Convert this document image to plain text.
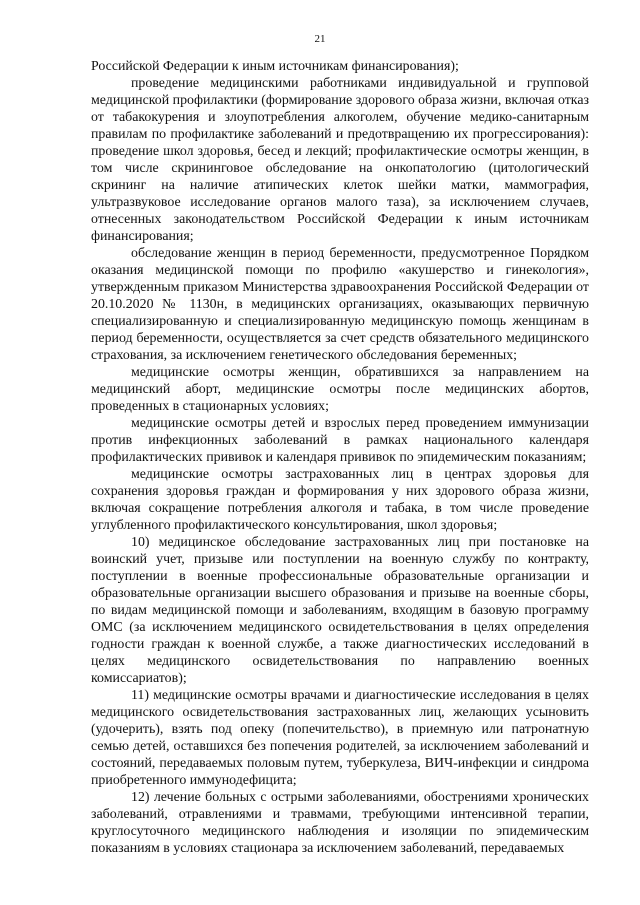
21

Российской Федерации к иным источникам финансирования);

проведение медицинскими работниками индивидуальной и групповой медицинской профилактики (формирование здорового образа жизни, включая отказ от табакокурения и злоупотребления алкоголем, обучение медико-санитарным правилам по профилактике заболеваний и предотвращению их прогрессирования): проведение школ здоровья, бесед и лекций; профилактические осмотры женщин, в том числе скрининговое обследование на онкопатологию (цитологический скрининг на наличие атипических клеток шейки матки, маммография, ультразвуковое исследование органов малого таза), за исключением случаев, отнесенных законодательством Российской Федерации к иным источникам финансирования;

обследование женщин в период беременности, предусмотренное Порядком оказания медицинской помощи по профилю «акушерство и гинекология», утвержденным приказом Министерства здравоохранения Российской Федерации от 20.10.2020 № 1130н, в медицинских организациях, оказывающих первичную специализированную и специализированную медицинскую помощь женщинам в период беременности, осуществляется за счет средств обязательного медицинского страхования, за исключением генетического обследования беременных;

медицинские осмотры женщин, обратившихся за направлением на медицинский аборт, медицинские осмотры после медицинских абортов, проведенных в стационарных условиях;

медицинские осмотры детей и взрослых перед проведением иммунизации против инфекционных заболеваний в рамках национального календаря профилактических прививок и календаря прививок по эпидемическим показаниям;

медицинские осмотры застрахованных лиц в центрах здоровья для сохранения здоровья граждан и формирования у них здорового образа жизни, включая сокращение потребления алкоголя и табака, в том числе проведение углубленного профилактического консультирования, школ здоровья;

10) медицинское обследование застрахованных лиц при постановке на воинский учет, призыве или поступлении на военную службу по контракту, поступлении в военные профессиональные образовательные организации и образовательные организации высшего образования и призыве на военные сборы, по видам медицинской помощи и заболеваниям, входящим в базовую программу ОМС (за исключением медицинского освидетельствования в целях определения годности граждан к военной службе, а также диагностических исследований в целях медицинского освидетельствования по направлению военных комиссариатов);

11) медицинские осмотры врачами и диагностические исследования в целях медицинского освидетельствования застрахованных лиц, желающих усыновить (удочерить), взять под опеку (попечительство), в приемную или патронатную семью детей, оставшихся без попечения родителей, за исключением заболеваний и состояний, передаваемых половым путем, туберкулеза, ВИЧ-инфекции и синдрома приобретенного иммунодефицита;

12) лечение больных с острыми заболеваниями, обострениями хронических заболеваний, отравлениями и травмами, требующими интенсивной терапии, круглосуточного медицинского наблюдения и изоляции по эпидемическим показаниям в условиях стационара за исключением заболеваний, передаваемых
